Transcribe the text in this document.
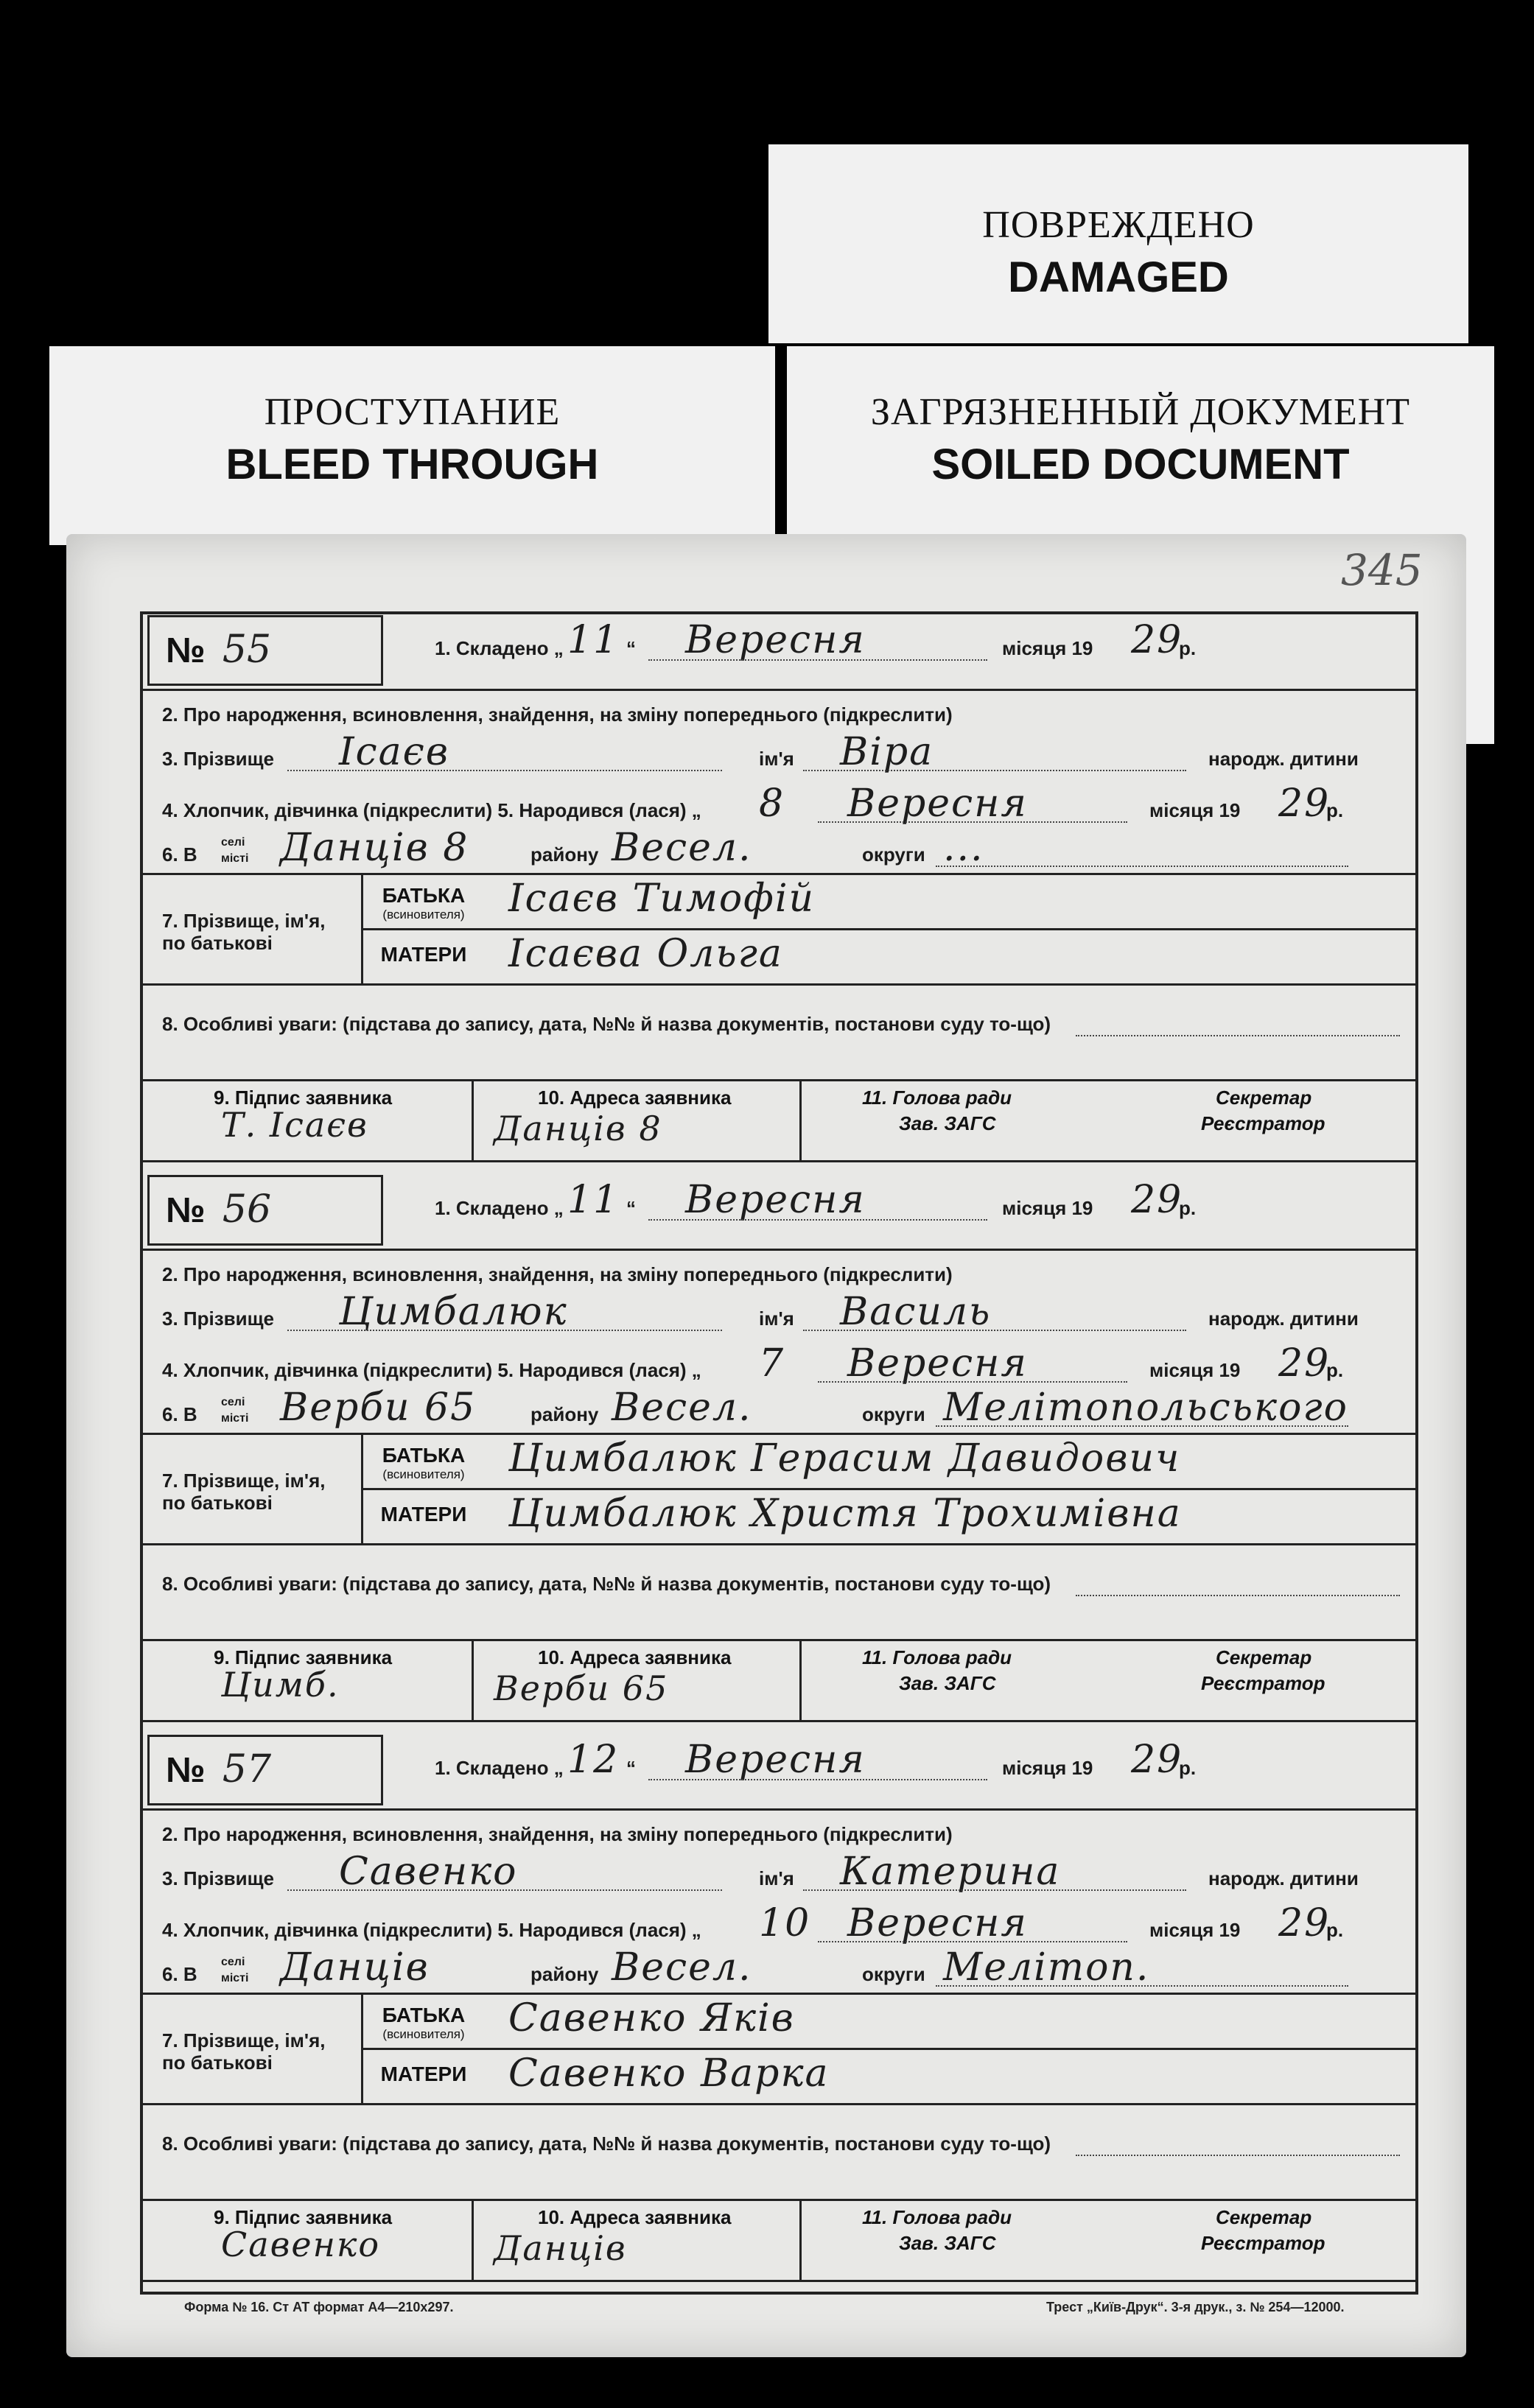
ПОВРЕЖДЕНО
DAMAGED
ПРОСТУПАНИЕ
BLEED THROUGH
ЗАГРЯЗНЕННЫЙ ДОКУМЕНТ
SOILED DOCUMENT
345
№ 55	1. Складено „ 11 “ Вересня	місяця 19 29
р.
2. Про народження, всиновлення, знайдення, на зміну попереднього (підкреслити)
3. Прізвище Ісаєв	ім'я Віра	народж. дитини
4. Хлопчик, дівчинка (підкреслити) 5. Народився (лася) „ 8 Вересня	місяця 19 29
р.
6. В
селі
місті Данців 8	району Весел.	округи ...
7. Прізвище, ім'я, по батькові
БАТЬКА
(всиновителя)	Ісаєв Тимофій
МАТЕРИ	Ісаєва Ольга
8. Особливі уваги: (підстава до запису, дата, №№ й назва документів, постанови суду то-що)
9. Підпис заявника
Т. Ісаєв
10. Адреса заявника
Данців 8
11. Голова ради
Зав. ЗАГС
Секретар
Реєстратор
№ 56	1. Складено „ 11 “ Вересня	місяця 19 29
р.
2. Про народження, всиновлення, знайдення, на зміну попереднього (підкреслити)
3. Прізвище Цимбалюк	ім'я Василь	народж. дитини
4. Хлопчик, дівчинка (підкреслити) 5. Народився (лася) „ 7 Вересня	місяця 19 29
р.
6. В
селі
місті Верби 65	району Весел.	округи Мелітопольського
7. Прізвище, ім'я, по батькові
БАТЬКА
(всиновителя)	Цимбалюк Герасим Давидович
МАТЕРИ	Цимбалюк Христя Трохимівна
8. Особливі уваги: (підстава до запису, дата, №№ й назва документів, постанови суду то-що)
9. Підпис заявника
Цимб.
10. Адреса заявника
Верби 65
11. Голова ради
Зав. ЗАГС
Секретар
Реєстратор
№ 57	1. Складено „ 12 “ Вересня	місяця 19 29
р.
2. Про народження, всиновлення, знайдення, на зміну попереднього (підкреслити)
3. Прізвище Савенко	ім'я Катерина	народж. дитини
4. Хлопчик, дівчинка (підкреслити) 5. Народився (лася) „ 10 Вересня	місяця 19 29
р.
6. В
селі
місті Данців	району Весел.	округи Мелітоп.
7. Прізвище, ім'я, по батькові
БАТЬКА
(всиновителя)	Савенко Яків
МАТЕРИ	Савенко Варка
8. Особливі уваги: (підстава до запису, дата, №№ й назва документів, постанови суду то-що)
9. Підпис заявника
Савенко
10. Адреса заявника
Данців
11. Голова ради
Зав. ЗАГС
Секретар
Реєстратор
Форма № 16. Ст АТ формат А4—210x297.	Трест „Київ-Друк“. 3-я друк., з. № 254—12000.
